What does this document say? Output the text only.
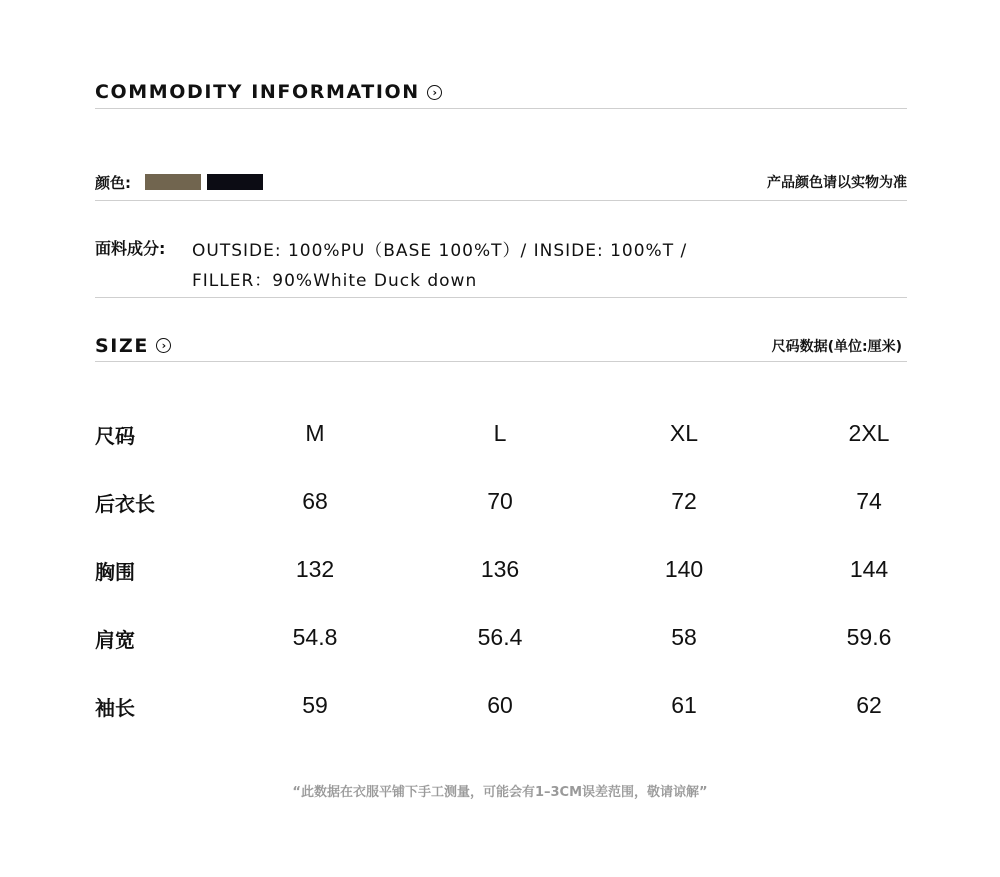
COMMODITY INFORMATION ›
颜色:	产品颜色请以实物为准
面料成分: OUTSIDE: 100%PU（BASE 100%T）/ INSIDE: 100%T /
FILLER：90%White Duck down
SIZE ›	尺码数据(单位:厘米)
尺码	M	L	XL	2XL
后衣长	68	70	72	74
胸围	132	136	140	144
肩宽	54.8	56.4	58	59.6
袖长	59	60	61	62
“此数据在衣服平铺下手工测量，可能会有1–3CM误差范围，敬请谅解”
